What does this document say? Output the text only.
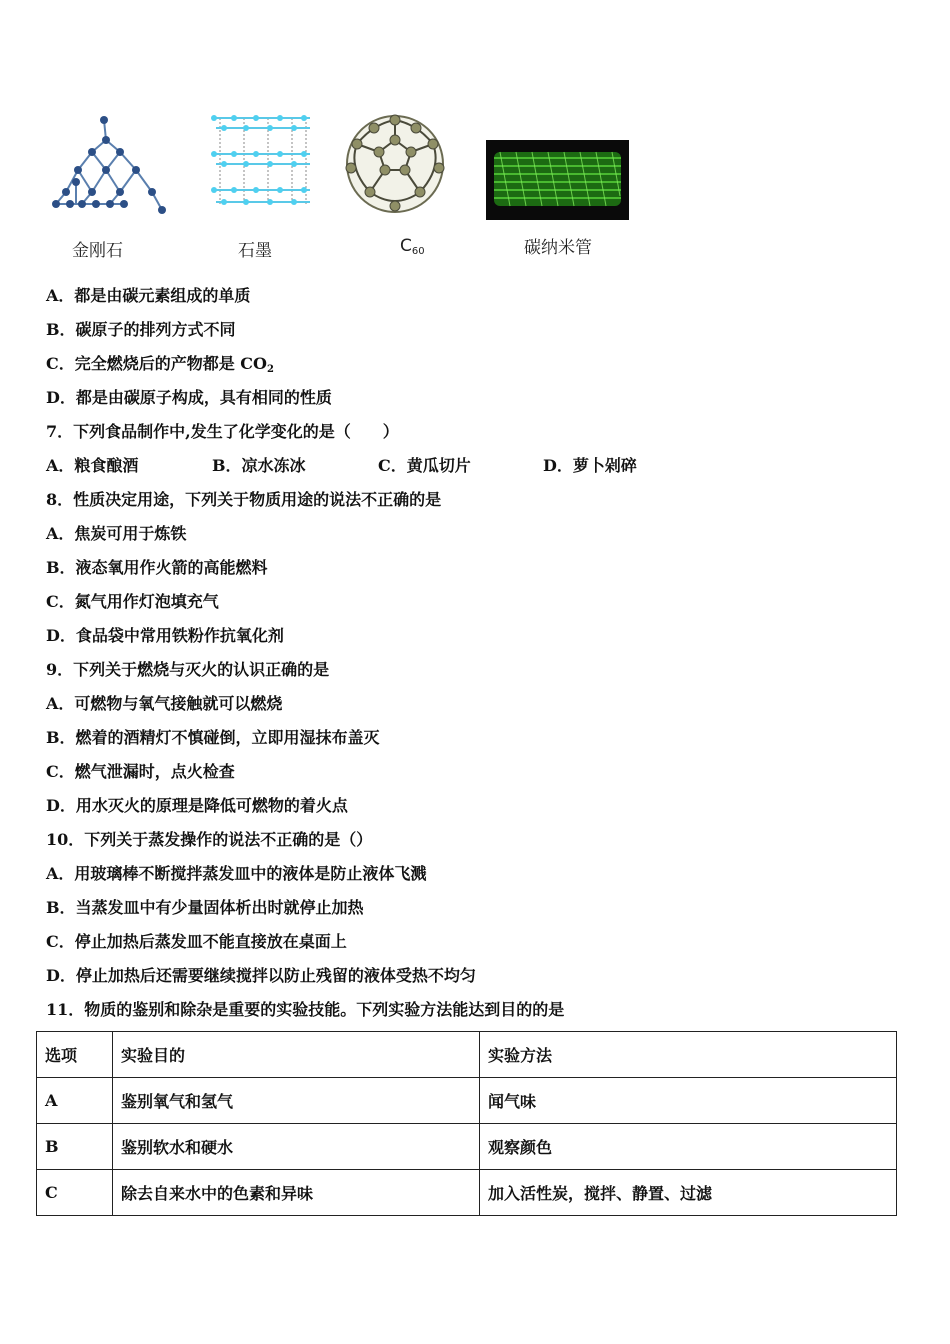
金刚石	石墨	$C_{60}$	碳纳米管
A．都是由碳元素组成的单质
B．碳原子的排列方式不同
C．完全燃烧后的产物都是 $CO_2$
D．都是由碳原子构成，具有相同的性质
7．下列食品制作中,发生了化学变化的是（　　）
A．粮食酿酒	B．凉水冻冰	C．黄瓜切片	D．萝卜剁碎
8．性质决定用途，下列关于物质用途的说法不正确的是
A．焦炭可用于炼铁
B．液态氧用作火箭的高能燃料
C．氮气用作灯泡填充气
D．食品袋中常用铁粉作抗氧化剂
9．下列关于燃烧与灭火的认识正确的是
A．可燃物与氧气接触就可以燃烧
B．燃着的酒精灯不慎碰倒，立即用湿抹布盖灭
C．燃气泄漏时，点火检查
D．用水灭火的原理是降低可燃物的着火点
10．下列关于蒸发操作的说法不正确的是（）
A．用玻璃棒不断搅拌蒸发皿中的液体是防止液体飞溅
B．当蒸发皿中有少量固体析出时就停止加热
C．停止加热后蒸发皿不能直接放在桌面上
D．停止加热后还需要继续搅拌以防止残留的液体受热不均匀
11．物质的鉴别和除杂是重要的实验技能。下列实验方法能达到目的的是
选项	实验目的	实验方法
A	鉴别氧气和氢气	闻气味
B	鉴别软水和硬水	观察颜色
C	除去自来水中的色素和异味	加入活性炭，搅拌、静置、过滤
